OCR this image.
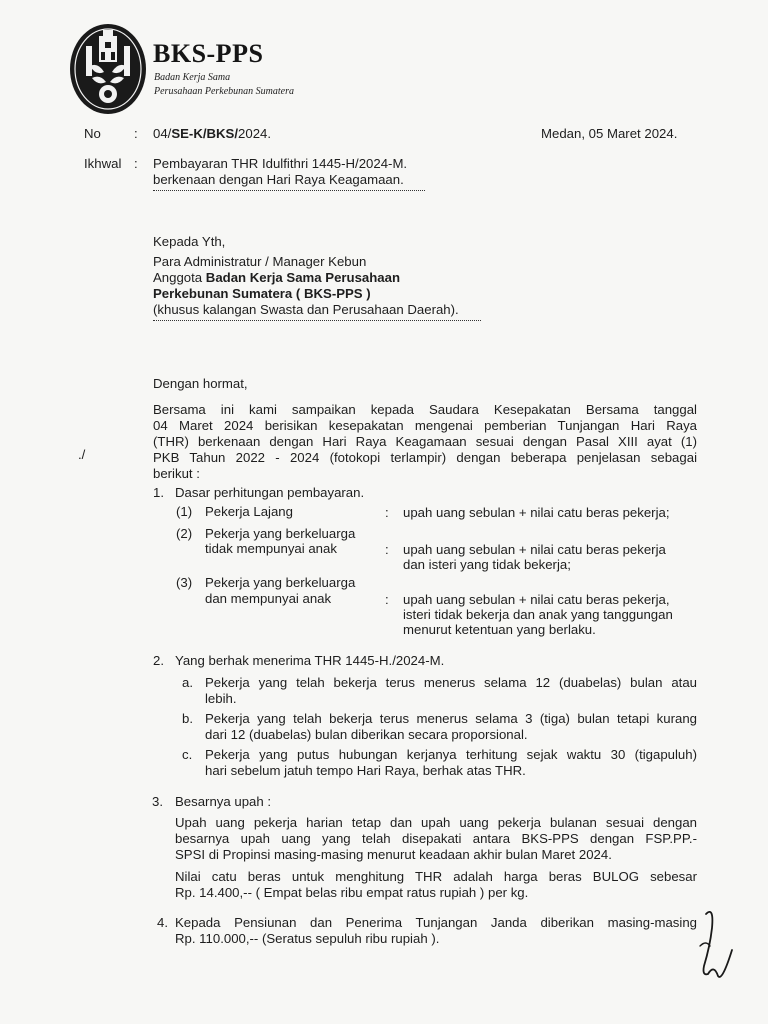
BKS-PPS
Badan Kerja Sama
Perusahaan Perkebunan Sumatera
No	: 04/SE-K/BKS/2024.	Medan, 05 Maret 2024.
Ikhwal : Pembayaran THR Idulfithri 1445-H/2024-M.
berkenaan dengan Hari Raya Keagamaan.
Kepada Yth,
Para Administratur / Manager Kebun
Anggota Badan Kerja Sama Perusahaan
Perkebunan Sumatera ( BKS-PPS )
(khusus kalangan Swasta dan Perusahaan Daerah).
Dengan hormat,
./
Bersama ini kami sampaikan kepada Saudara Kesepakatan Bersama tanggal
04 Maret 2024 berisikan kesepakatan mengenai pemberian Tunjangan Hari Raya
(THR) berkenaan dengan Hari Raya Keagamaan sesuai dengan Pasal XIII ayat (1)
PKB Tahun 2022 - 2024 (fotokopi terlampir) dengan beberapa penjelasan sebagai
berikut :
1. Dasar perhitungan pembayaran.
(1) Pekerja Lajang	: upah uang sebulan + nilai catu beras pekerja;
(2) Pekerja yang berkeluarga
tidak mempunyai anak	: upah uang sebulan + nilai catu beras pekerja
dan isteri yang tidak bekerja;
(3) Pekerja yang berkeluarga
dan mempunyai anak	: upah uang sebulan + nilai catu beras pekerja,
isteri tidak bekerja dan anak yang tanggungan
menurut ketentuan yang berlaku.
2. Yang berhak menerima THR 1445-H./2024-M.
a. Pekerja yang telah bekerja terus menerus selama 12 (duabelas) bulan atau
lebih.
b. Pekerja yang telah bekerja terus menerus selama 3 (tiga) bulan tetapi kurang
dari 12 (duabelas) bulan diberikan secara proporsional.
c. Pekerja yang putus hubungan kerjanya terhitung sejak waktu 30 (tigapuluh)
hari sebelum jatuh tempo Hari Raya, berhak atas THR.
3. Besarnya upah :
Upah uang pekerja harian tetap dan upah uang pekerja bulanan sesuai dengan
besarnya upah uang yang telah disepakati antara BKS-PPS dengan FSP.PP.-
SPSI di Propinsi masing-masing menurut keadaan akhir bulan Maret 2024.
Nilai catu beras untuk menghitung THR adalah harga beras BULOG sebesar
Rp. 14.400,-- ( Empat belas ribu empat ratus rupiah ) per kg.
4. Kepada Pensiunan dan Penerima Tunjangan Janda diberikan masing-masing
Rp. 110.000,-- (Seratus sepuluh ribu rupiah ).
